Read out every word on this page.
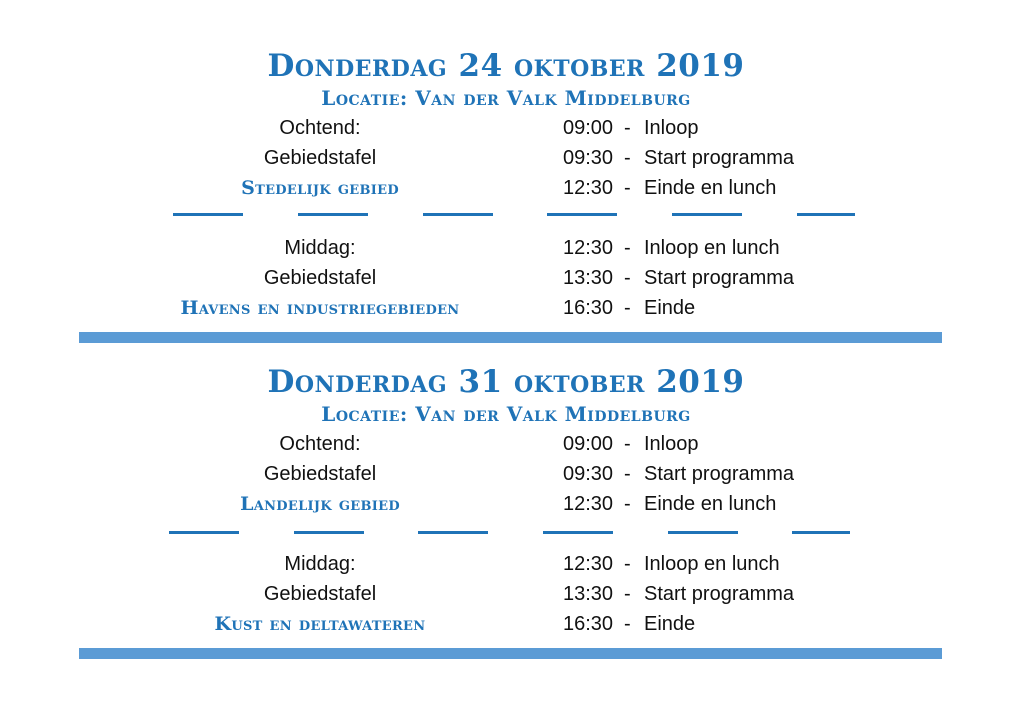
Donderdag 24 oktober 2019
Locatie: Van der Valk Middelburg
Ochtend:	09:00 - Inloop
Gebiedstafel	09:30 - Start programma
Stedelijk gebied	12:30 - Einde en lunch
Middag:	12:30 - Inloop en lunch
Gebiedstafel	13:30 - Start programma
Havens en industriegebieden	16:30 - Einde
Donderdag 31 oktober 2019
Locatie: Van der Valk Middelburg
Ochtend:	09:00 - Inloop
Gebiedstafel	09:30 - Start programma
Landelijk gebied	12:30 - Einde en lunch
Middag:	12:30 - Inloop en lunch
Gebiedstafel	13:30 - Start programma
Kust en deltawateren	16:30 - Einde
